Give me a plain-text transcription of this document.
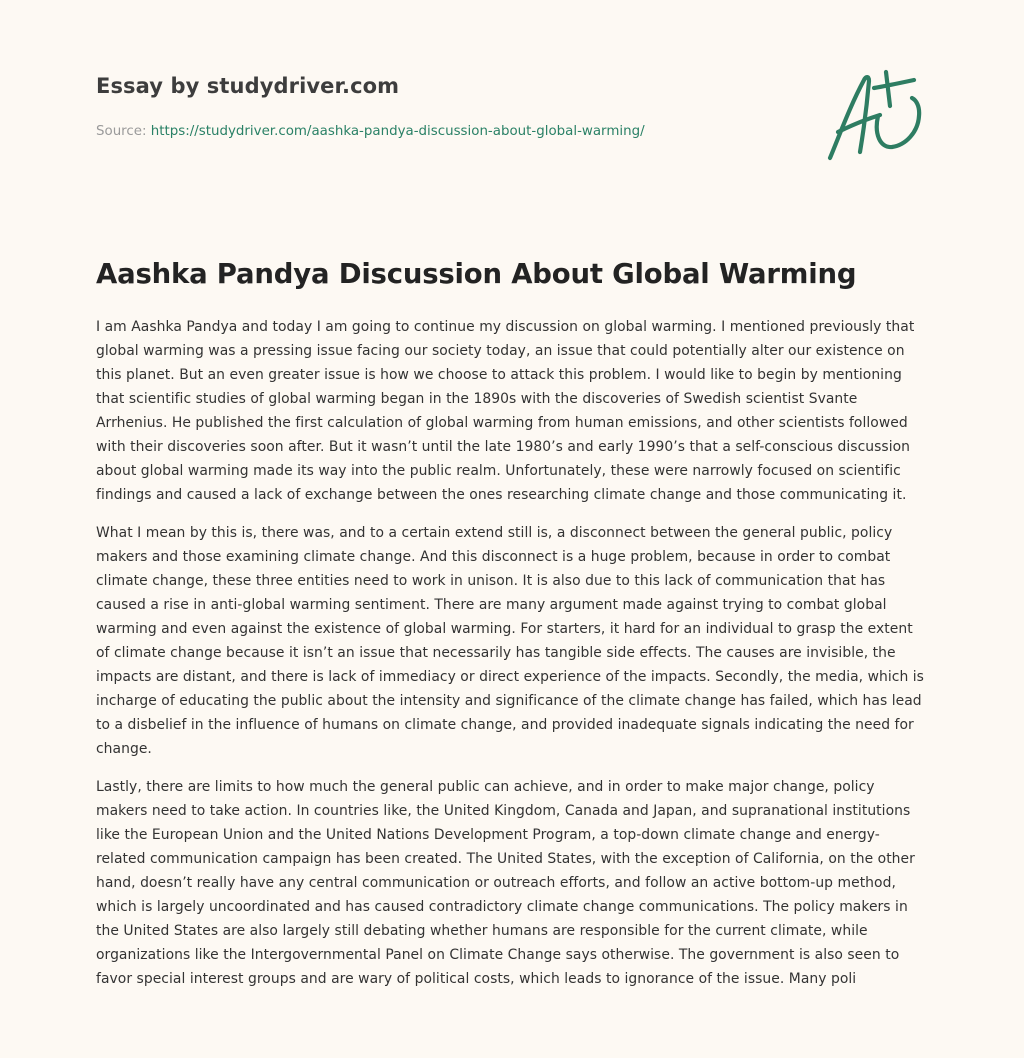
Essay by studydriver.com
Source: https://studydriver.com/aashka-pandya-discussion-about-global-warming/
Aashka Pandya Discussion About Global Warming

I am Aashka Pandya and today I am going to continue my discussion on global warming. I mentioned previously that global warming was a pressing issue facing our society today, an issue that could potentially alter our existence on this planet. But an even greater issue is how we choose to attack this problem. I would like to begin by mentioning that scientific studies of global warming began in the 1890s with the discoveries of Swedish scientist Svante Arrhenius. He published the first calculation of global warming from human emissions, and other scientists followed with their discoveries soon after. But it wasn’t until the late 1980’s and early 1990’s that a self-conscious discussion about global warming made its way into the public realm. Unfortunately, these were narrowly focused on scientific findings and caused a lack of exchange between the ones researching climate change and those communicating it.

What I mean by this is, there was, and to a certain extend still is, a disconnect between the general public, policy makers and those examining climate change. And this disconnect is a huge problem, because in order to combat climate change, these three entities need to work in unison. It is also due to this lack of communication that has caused a rise in anti-global warming sentiment. There are many argument made against trying to combat global warming and even against the existence of global warming. For starters, it hard for an individual to grasp the extent of climate change because it isn’t an issue that necessarily has tangible side effects. The causes are invisible, the impacts are distant, and there is lack of immediacy or direct experience of the impacts. Secondly, the media, which is incharge of educating the public about the intensity and significance of the climate change has failed, which has lead to a disbelief in the influence of humans on climate change, and provided inadequate signals indicating the need for change.

Lastly, there are limits to how much the general public can achieve, and in order to make major change, policy makers need to take action. In countries like, the United Kingdom, Canada and Japan, and supranational institutions like the European Union and the United Nations Development Program, a top-down climate change and energy-related communication campaign has been created. The United States, with the exception of California, on the other hand, doesn’t really have any central communication or outreach efforts, and follow an active bottom-up method, which is largely uncoordinated and has caused contradictory climate change communications. The policy makers in the United States are also largely still debating whether humans are responsible for the current climate, while organizations like the Intergovernmental Panel on Climate Change says otherwise. The government is also seen to favor special interest groups and are wary of political costs, which leads to ignorance of the issue. Many poli
